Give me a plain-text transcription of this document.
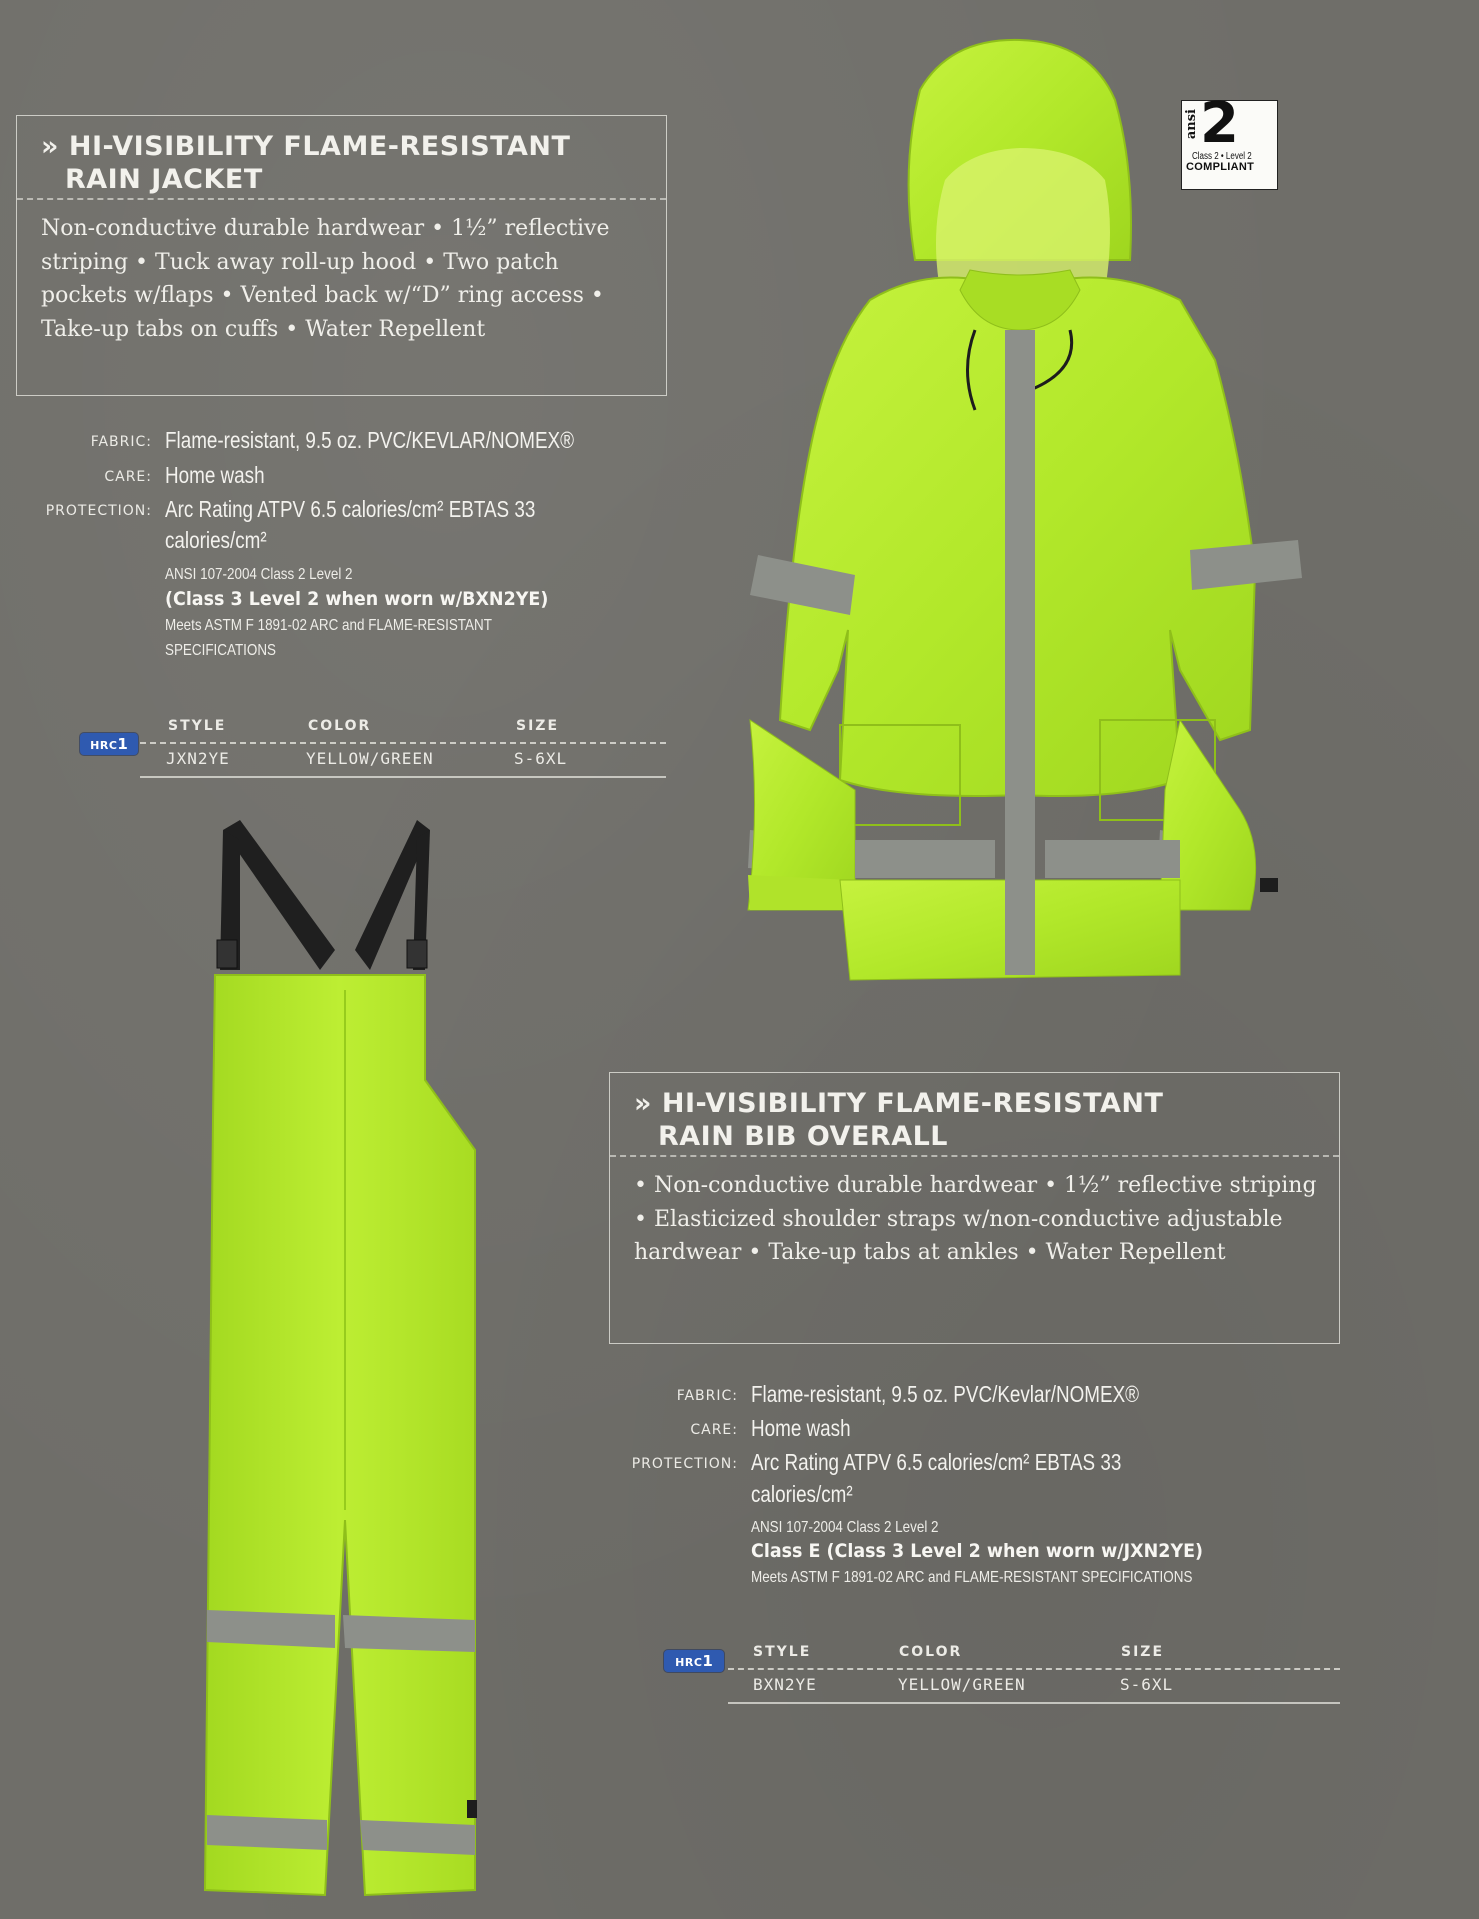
» HI-VISIBILITY FLAME-RESISTANT
RAIN JACKET
Non-conductive durable hardwear • 1½” reflective
striping • Tuck away roll-up hood • Two patch
pockets w/flaps • Vented back w/“D” ring access •
Take-up tabs on cuffs • Water Repellent
FABRIC: Flame-resistant, 9.5 oz. PVC/KEVLAR/NOMEX®
CARE: Home wash
PROTECTION: Arc Rating ATPV 6.5 calories/cm² EBTAS 33
calories/cm²
ANSI 107-2004 Class 2 Level 2
(Class 3 Level 2 when worn w/BXN2YE)
Meets ASTM F 1891-02 ARC and FLAME-RESISTANT
SPECIFICATIONS
HRC1
STYLE	COLOR	SIZE
JXN2YE	YELLOW/GREEN	S-6XL
ansi 2
Class 2 • Level 2
COMPLIANT
» HI-VISIBILITY FLAME-RESISTANT
RAIN BIB OVERALL
• Non-conductive durable hardwear • 1½” reflective striping
• Elasticized shoulder straps w/non-conductive adjustable
hardwear • Take-up tabs at ankles • Water Repellent
FABRIC: Flame-resistant, 9.5 oz. PVC/Kevlar/NOMEX®
CARE: Home wash
PROTECTION: Arc Rating ATPV 6.5 calories/cm² EBTAS 33
calories/cm²
ANSI 107-2004 Class 2 Level 2
Class E (Class 3 Level 2 when worn w/JXN2YE)
Meets ASTM F 1891-02 ARC and FLAME-RESISTANT SPECIFICATIONS
HRC1	STYLE	COLOR	SIZE
BXN2YE	YELLOW/GREEN	S-6XL
